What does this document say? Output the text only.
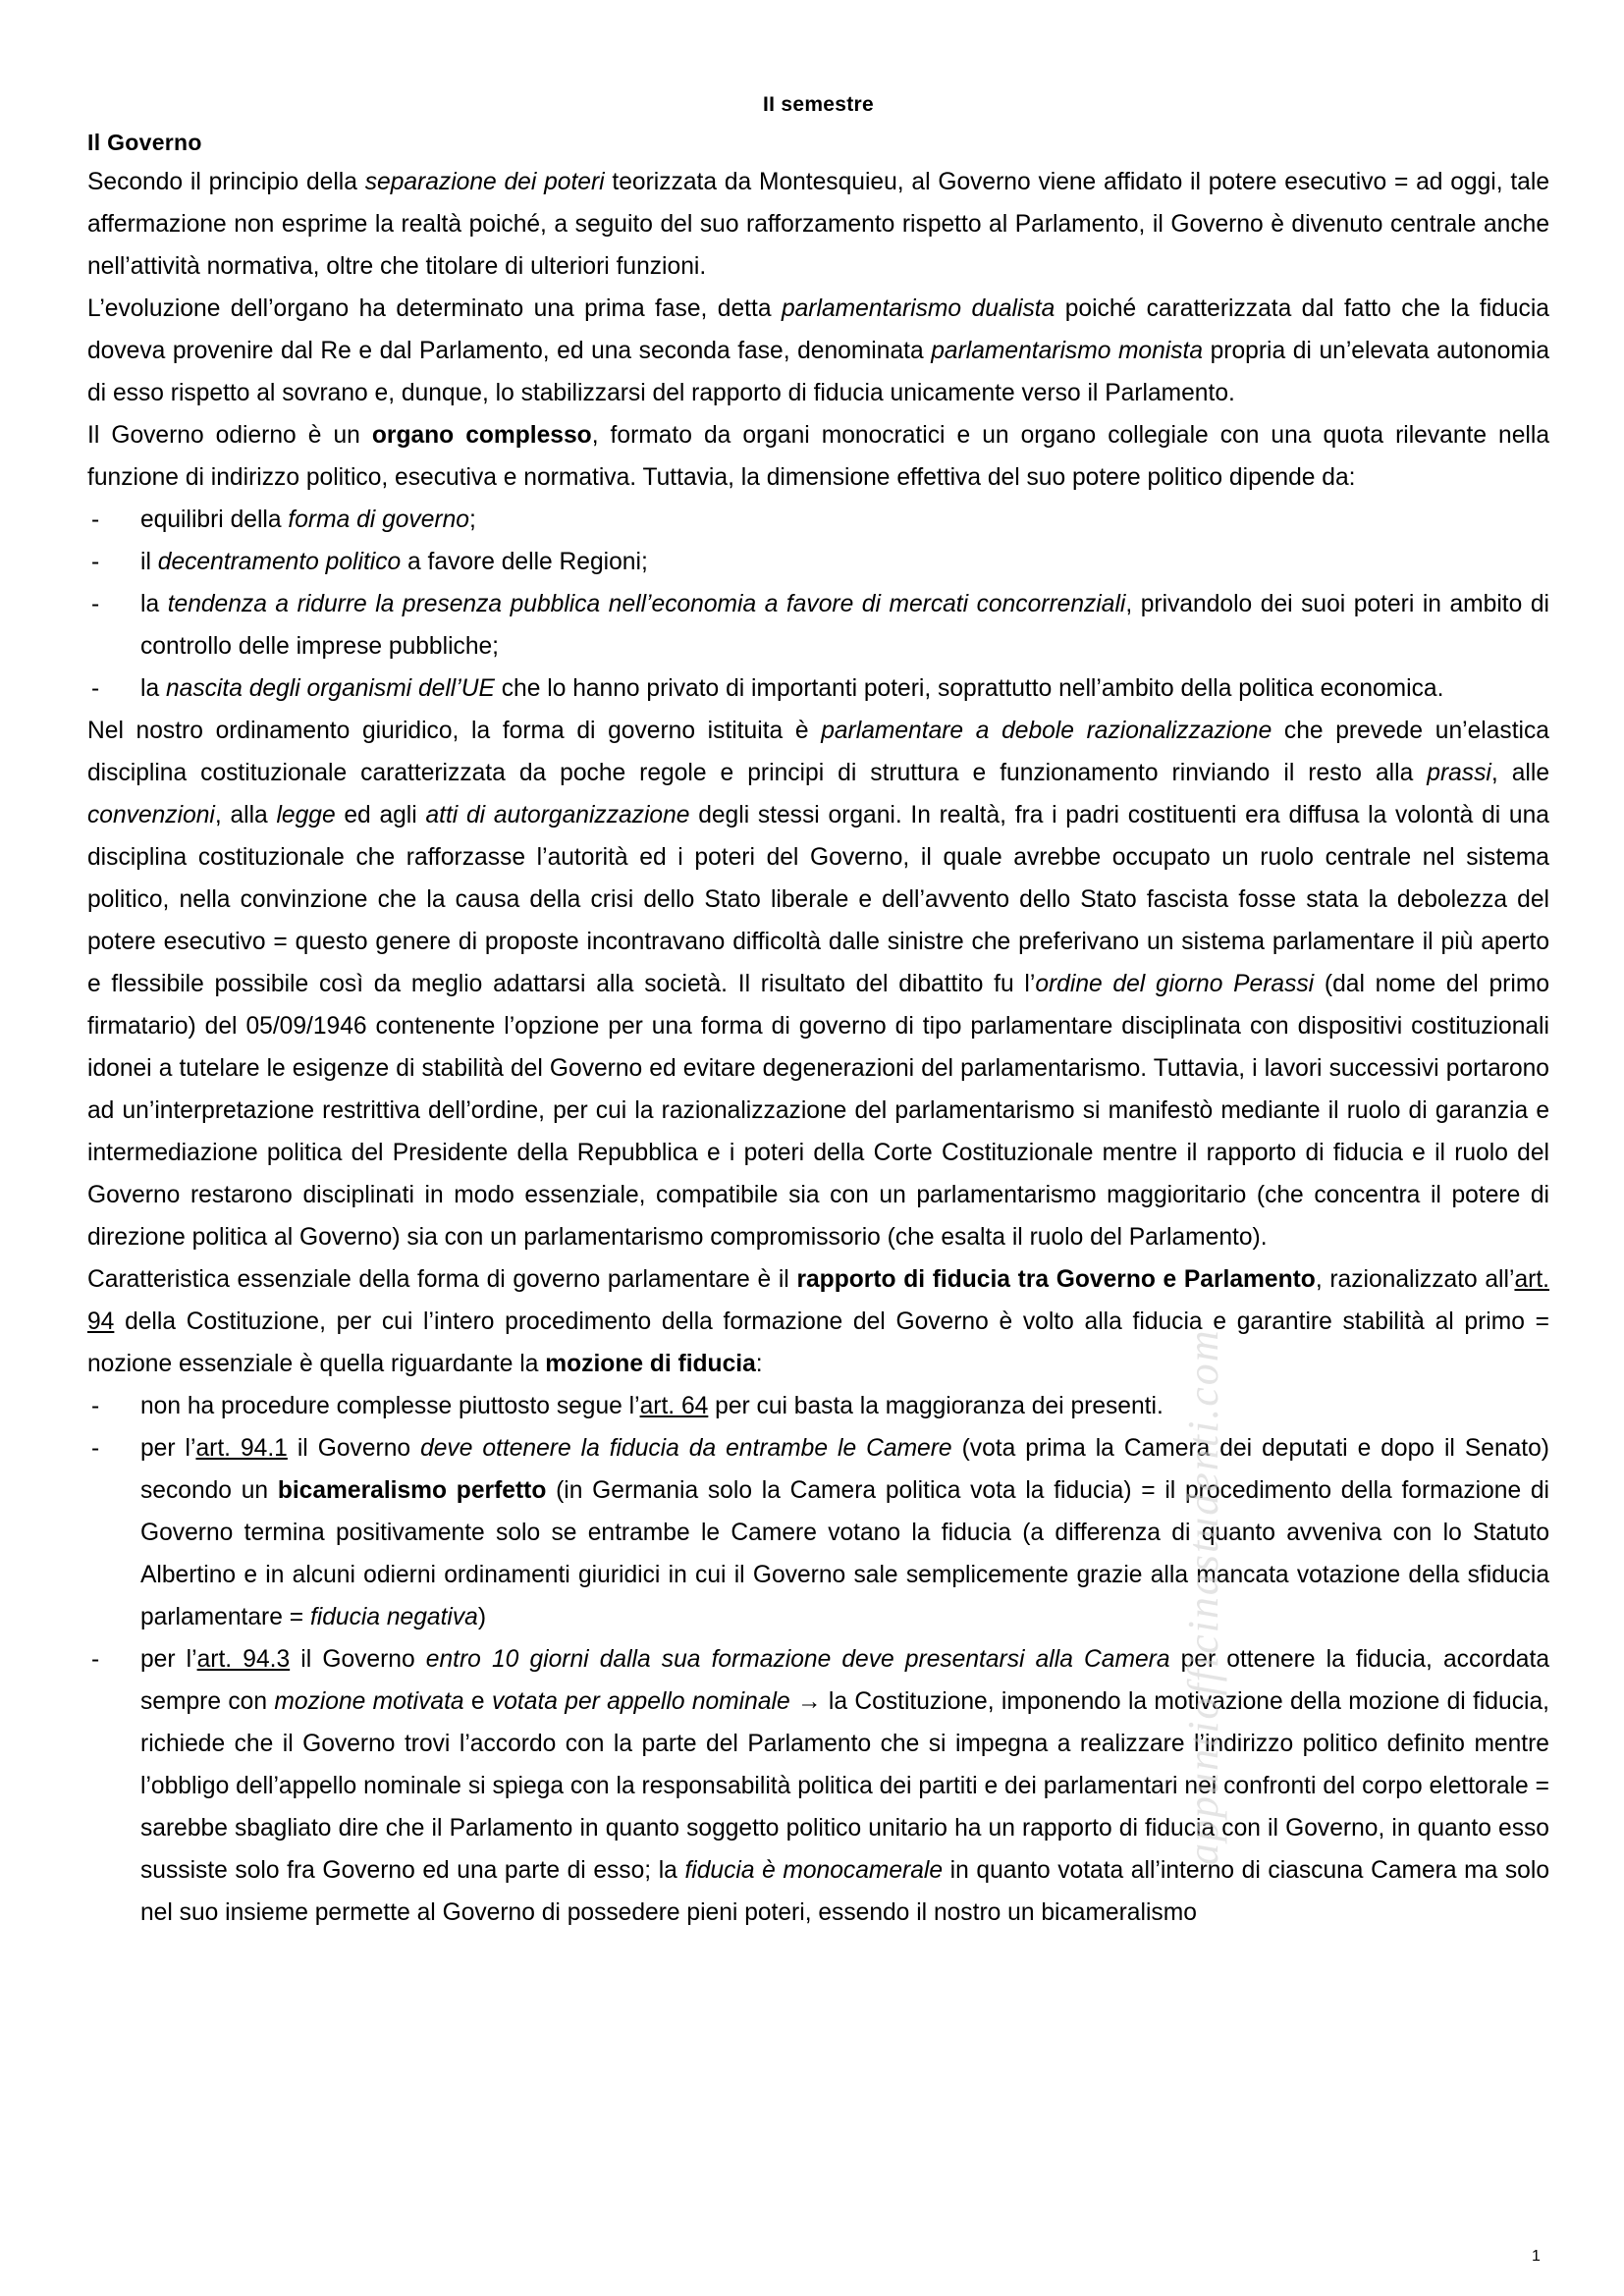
II semestre
Il Governo

Secondo il principio della separazione dei poteri teorizzata da Montesquieu, al Governo viene affidato il potere esecutivo = ad oggi, tale affermazione non esprime la realtà poiché, a seguito del suo rafforzamento rispetto al Parlamento, il Governo è divenuto centrale anche nell’attività normativa, oltre che titolare di ulteriori funzioni.

L’evoluzione dell’organo ha determinato una prima fase, detta parlamentarismo dualista poiché caratterizzata dal fatto che la fiducia doveva provenire dal Re e dal Parlamento, ed una seconda fase, denominata parlamentarismo monista propria di un’elevata autonomia di esso rispetto al sovrano e, dunque, lo stabilizzarsi del rapporto di fiducia unicamente verso il Parlamento.

Il Governo odierno è un organo complesso, formato da organi monocratici e un organo collegiale con una quota rilevante nella funzione di indirizzo politico, esecutiva e normativa. Tuttavia, la dimensione effettiva del suo potere politico dipende da:

- equilibri della forma di governo;
- il decentramento politico a favore delle Regioni;
- la tendenza a ridurre la presenza pubblica nell’economia a favore di mercati concorrenziali, privandolo dei suoi poteri in ambito di controllo delle imprese pubbliche;
- la nascita degli organismi dell’UE che lo hanno privato di importanti poteri, soprattutto nell’ambito della politica economica.

Nel nostro ordinamento giuridico, la forma di governo istituita è parlamentare a debole razionalizzazione che prevede un’elastica disciplina costituzionale caratterizzata da poche regole e principi di struttura e funzionamento rinviando il resto alla prassi, alle convenzioni, alla legge ed agli atti di autorganizzazione degli stessi organi. In realtà, fra i padri costituenti era diffusa la volontà di una disciplina costituzionale che rafforzasse l’autorità ed i poteri del Governo, il quale avrebbe occupato un ruolo centrale nel sistema politico, nella convinzione che la causa della crisi dello Stato liberale e dell’avvento dello Stato fascista fosse stata la debolezza del potere esecutivo = questo genere di proposte incontravano difficoltà dalle sinistre che preferivano un sistema parlamentare il più aperto e flessibile possibile così da meglio adattarsi alla società. Il risultato del dibattito fu l’ordine del giorno Perassi (dal nome del primo firmatario) del 05/09/1946 contenente l’opzione per una forma di governo di tipo parlamentare disciplinata con dispositivi costituzionali idonei a tutelare le esigenze di stabilità del Governo ed evitare degenerazioni del parlamentarismo. Tuttavia, i lavori successivi portarono ad un’interpretazione restrittiva dell’ordine, per cui la razionalizzazione del parlamentarismo si manifestò mediante il ruolo di garanzia e intermediazione politica del Presidente della Repubblica e i poteri della Corte Costituzionale mentre il rapporto di fiducia e il ruolo del Governo restarono disciplinati in modo essenziale, compatibile sia con un parlamentarismo maggioritario (che concentra il potere di direzione politica al Governo) sia con un parlamentarismo compromissorio (che esalta il ruolo del Parlamento).

Caratteristica essenziale della forma di governo parlamentare è il rapporto di fiducia tra Governo e Parlamento, razionalizzato all’art. 94 della Costituzione, per cui l’intero procedimento della formazione del Governo è volto alla fiducia e garantire stabilità al primo = nozione essenziale è quella riguardante la mozione di fiducia:

- non ha procedure complesse piuttosto segue l’art. 64 per cui basta la maggioranza dei presenti.
- per l’art. 94.1 il Governo deve ottenere la fiducia da entrambe le Camere (vota prima la Camera dei deputati e dopo il Senato) secondo un bicameralismo perfetto (in Germania solo la Camera politica vota la fiducia) = il procedimento della formazione di Governo termina positivamente solo se entrambe le Camere votano la fiducia (a differenza di quanto avveniva con lo Statuto Albertino e in alcuni odierni ordinamenti giuridici in cui il Governo sale semplicemente grazie alla mancata votazione della sfiducia parlamentare = fiducia negativa)
- per l’art. 94.3 il Governo entro 10 giorni dalla sua formazione deve presentarsi alla Camera per ottenere la fiducia, accordata sempre con mozione motivata e votata per appello nominale → la Costituzione, imponendo la motivazione della mozione di fiducia, richiede che il Governo trovi l’accordo con la parte del Parlamento che si impegna a realizzare l’indirizzo politico definito mentre l’obbligo dell’appello nominale si spiega con la responsabilità politica dei partiti e dei parlamentari nei confronti del corpo elettorale = sarebbe sbagliato dire che il Parlamento in quanto soggetto politico unitario ha un rapporto di fiducia con il Governo, in quanto esso sussiste solo fra Governo ed una parte di esso; la fiducia è monocamerale in quanto votata all’interno di ciascuna Camera ma solo nel suo insieme permette al Governo di possedere pieni poteri, essendo il nostro un bicameralismo
appuntiofficinastudenti.com
1
